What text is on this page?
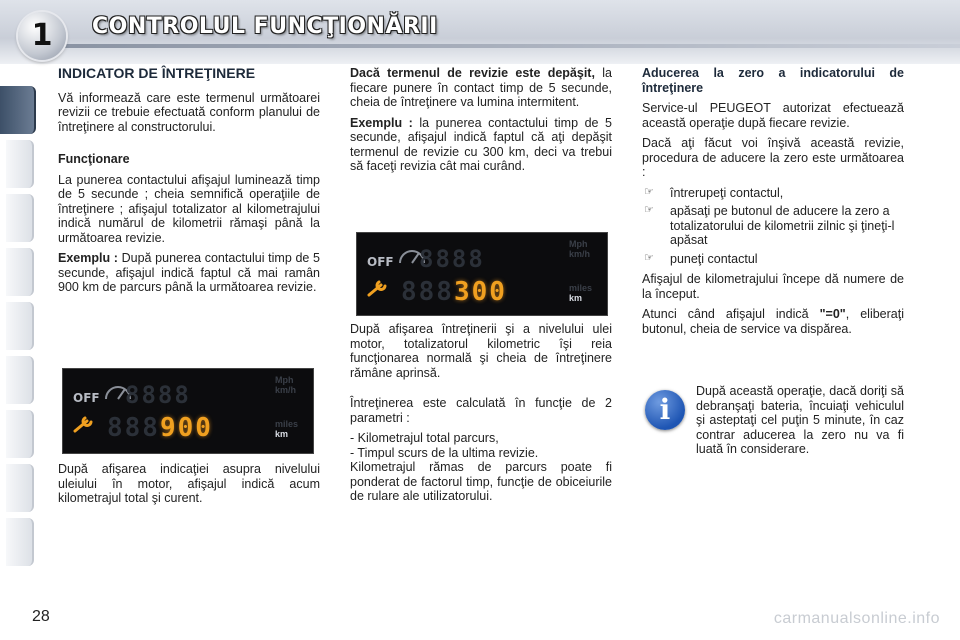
1	CONTROLUL FUNCŢIONĂRII
INDICATOR DE ÎNTREŢINERE

Vă informează care este termenul următoarei revizii ce trebuie efectuată conform planului de întreţinere al constructorului.

Funcţionare

La punerea contactului afişajul luminează timp de 5 secunde ; cheia semnifică operaţiile de întreţinere ; afişajul totalizator al kilometrajului indică numărul de kilometrii rămaşi până la următoarea revizie.

Exemplu : După punerea contactului timp de 5 secunde, afişajul indică faptul că mai ramân 900 km de parcurs până la următoarea revizie.

OFF 8888
888900
Mph
km/h
miles
km

După afişarea indicaţiei asupra nivelului uleiului în motor, afişajul indică acum kilometrajul total şi curent.

Dacă termenul de revizie este depăşit, la fiecare punere în contact timp de 5 secunde, cheia de întreţinere va lumina intermitent.

Exemplu : la punerea contactului timp de 5 secunde, afişajul indică faptul că aţi depăşit termenul de revizie cu 300 km, deci va trebui să faceţi revizia cât mai curând.

OFF 8888
888300
Mph
km/h
miles
km

După afişarea întreţinerii şi a nivelului ulei motor, totalizatorul kilometric îşi reia funcţionarea normală şi cheia de întreţinere rămâne aprinsă.

Întreţinerea este calculată în funcţie de 2 parametri :

- Kilometrajul total parcurs,
- Timpul scurs de la ultima revizie.

Kilometrajul rămas de parcurs poate fi ponderat de factorul timp, funcţie de obiceiurile de rulare ale utilizatorului.

Aducerea la zero a indicatorului de întreţinere

Service-ul PEUGEOT autorizat efectuează această operaţie după fiecare revizie.

Dacă aţi făcut voi înşivă această revizie, procedura de aducere la zero este următoarea :

☞ întrerupeţi contactul,
☞ apăsaţi pe butonul de aducere la zero a totalizatorului de kilometrii zilnic şi ţineţi-l apăsat
☞ puneţi contactul

Afişajul de kilometrajului începe dă numere de la început.

Atunci când afişajul indică "=0", eliberaţi butonul, cheia de service va dispărea.

i
După această operaţie, dacă doriţi să debranşaţi bateria, încuiaţi vehiculul şi asteptaţi cel puţin 5 minute, în caz contrar aducerea la zero nu va fi luată în considerare.
28	carmanualsonline.info
